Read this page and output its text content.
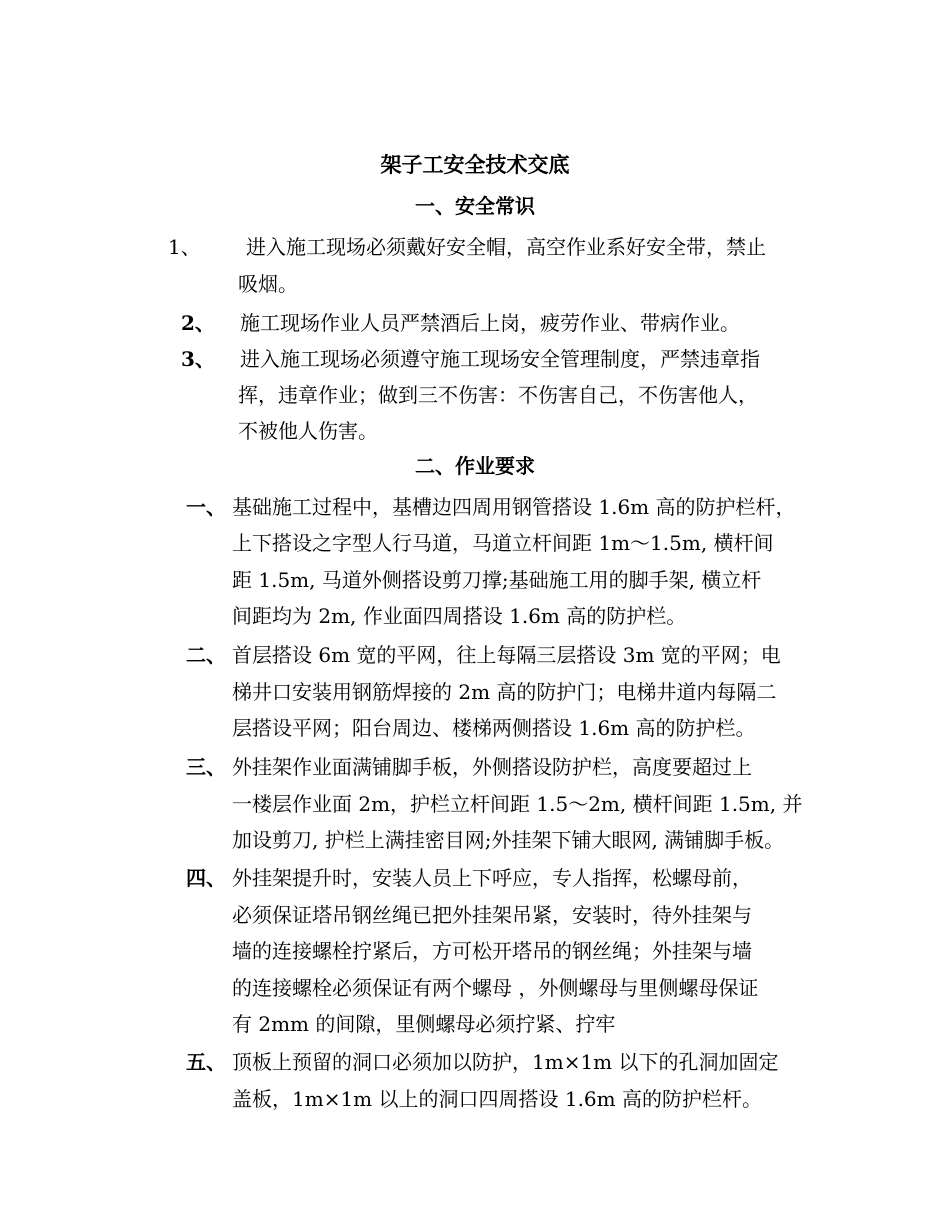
架子工安全技术交底
一、安全常识
1、 进入施工现场必须戴好安全帽，高空作业系好安全带，禁止
吸烟。
2、 施工现场作业人员严禁酒后上岗，疲劳作业、带病作业。
3、 进入施工现场必须遵守施工现场安全管理制度，严禁违章指
挥，违章作业；做到三不伤害：不伤害自己，不伤害他人，
不被他人伤害。
二、作业要求
一、 基础施工过程中，基槽边四周用钢管搭设 1.6m 高的防护栏杆，
上下搭设之字型人行马道，马道立杆间距 1m～1.5m, 横杆间
距 1.5m, 马道外侧搭设剪刀撑;基础施工用的脚手架, 横立杆
间距均为 2m, 作业面四周搭设 1.6m 高的防护栏。
二、 首层搭设 6m 宽的平网，往上每隔三层搭设 3m 宽的平网；电
梯井口安装用钢筋焊接的 2m 高的防护门；电梯井道内每隔二
层搭设平网；阳台周边、楼梯两侧搭设 1.6m 高的防护栏。
三、 外挂架作业面满铺脚手板，外侧搭设防护栏，高度要超过上
一楼层作业面 2m，护栏立杆间距 1.5～2m, 横杆间距 1.5m, 并
加设剪刀, 护栏上满挂密目网;外挂架下铺大眼网, 满铺脚手板。
四、 外挂架提升时，安装人员上下呼应，专人指挥，松螺母前，
必须保证塔吊钢丝绳已把外挂架吊紧，安装时，待外挂架与
墙的连接螺栓拧紧后，方可松开塔吊的钢丝绳；外挂架与墙
的连接螺栓必须保证有两个螺母 ，外侧螺母与里侧螺母保证
有 2mm 的间隙，里侧螺母必须拧紧、拧牢
五、 顶板上预留的洞口必须加以防护，1m×1m 以下的孔洞加固定
盖板，1m×1m 以上的洞口四周搭设 1.6m 高的防护栏杆。
